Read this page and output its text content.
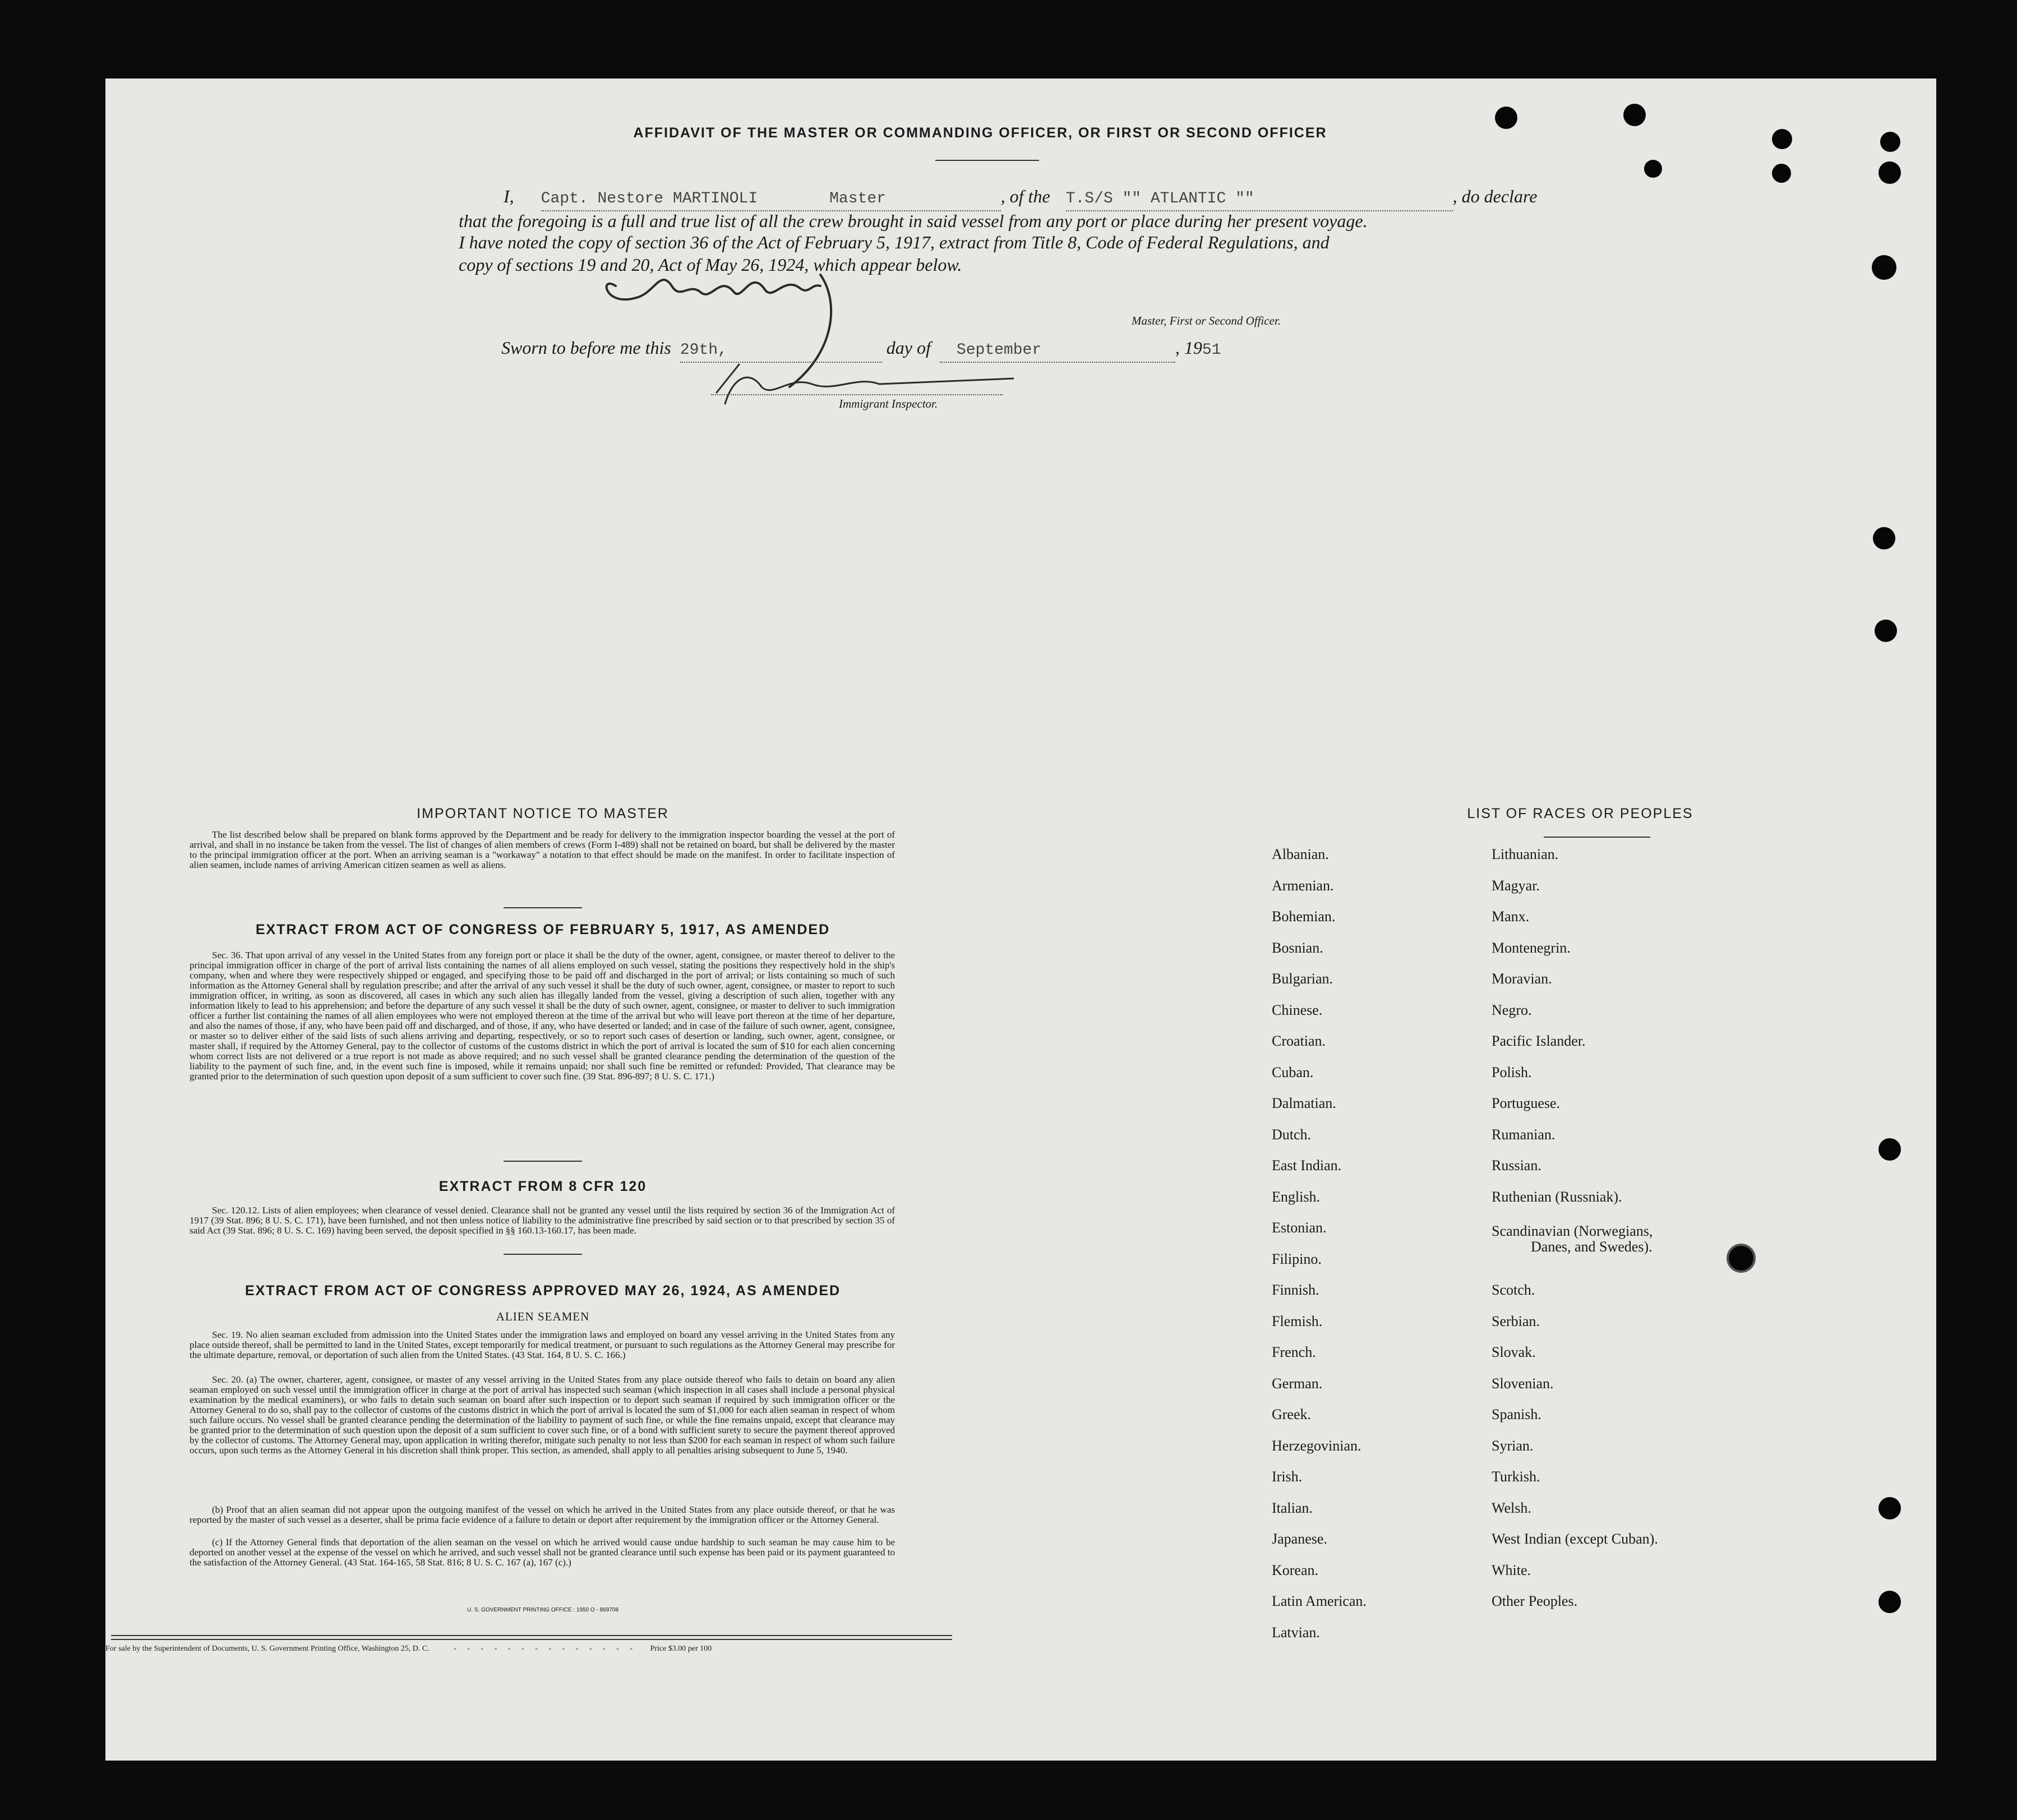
AFFIDAVIT OF THE MASTER OR COMMANDING OFFICER, OR FIRST OR SECOND OFFICER
I, Capt. Nestore MARTINOLI	Master	, of the T.S/S "" ATLANTIC ""	, do declare
that the foregoing is a full and true list of all the crew brought in said vessel from any port or place during her present voyage.
I have noted the copy of section 36 of the Act of February 5, 1917, extract from Title 8, Code of Federal Regulations, and
copy of sections 19 and 20, Act of May 26, 1924, which appear below.
Master, First or Second Officer.
Sworn to before me this 29th,	day of September	, 1951
Immigrant Inspector.
IMPORTANT NOTICE TO MASTER
The list described below shall be prepared on blank forms approved by the Department and be ready for delivery to the immigration inspector boarding the vessel at the port of arrival, and shall in no instance be taken from the vessel. The list of changes of alien members of crews (Form I-489) shall not be retained on board, but shall be delivered by the master to the principal immigration officer at the port. When an arriving seaman is a "workaway" a notation to that effect should be made on the manifest. In order to facilitate inspection of alien seamen, include names of arriving American citizen seamen as well as aliens.
EXTRACT FROM ACT OF CONGRESS OF FEBRUARY 5, 1917, AS AMENDED
Sec. 36. That upon arrival of any vessel in the United States from any foreign port or place it shall be the duty of the owner, agent, consignee, or master thereof to deliver to the principal immigration officer in charge of the port of arrival lists containing the names of all aliens employed on such vessel, stating the positions they respectively hold in the ship's company, when and where they were respectively shipped or engaged, and specifying those to be paid off and discharged in the port of arrival; or lists containing so much of such information as the Attorney General shall by regulation prescribe; and after the arrival of any such vessel it shall be the duty of such owner, agent, consignee, or master to report to such immigration officer, in writing, as soon as discovered, all cases in which any such alien has illegally landed from the vessel, giving a description of such alien, together with any information likely to lead to his apprehension; and before the departure of any such vessel it shall be the duty of such owner, agent, consignee, or master to deliver to such immigration officer a further list containing the names of all alien employees who were not employed thereon at the time of the arrival but who will leave port thereon at the time of her departure, and also the names of those, if any, who have been paid off and discharged, and of those, if any, who have deserted or landed; and in case of the failure of such owner, agent, consignee, or master so to deliver either of the said lists of such aliens arriving and departing, respectively, or so to report such cases of desertion or landing, such owner, agent, consignee, or master shall, if required by the Attorney General, pay to the collector of customs of the customs district in which the port of arrival is located the sum of $10 for each alien concerning whom correct lists are not delivered or a true report is not made as above required; and no such vessel shall be granted clearance pending the determination of the question of the liability to the payment of such fine, and, in the event such fine is imposed, while it remains unpaid; nor shall such fine be remitted or refunded: Provided, That clearance may be granted prior to the determination of such question upon deposit of a sum sufficient to cover such fine. (39 Stat. 896-897; 8 U. S. C. 171.)
EXTRACT FROM 8 CFR 120
Sec. 120.12. Lists of alien employees; when clearance of vessel denied. Clearance shall not be granted any vessel until the lists required by section 36 of the Immigration Act of 1917 (39 Stat. 896; 8 U. S. C. 171), have been furnished, and not then unless notice of liability to the administrative fine prescribed by said section or to that prescribed by section 35 of said Act (39 Stat. 896; 8 U. S. C. 169) having been served, the deposit specified in §§ 160.13-160.17, has been made.
EXTRACT FROM ACT OF CONGRESS APPROVED MAY 26, 1924, AS AMENDED
ALIEN SEAMEN
Sec. 19. No alien seaman excluded from admission into the United States under the immigration laws and employed on board any vessel arriving in the United States from any place outside thereof, shall be permitted to land in the United States, except temporarily for medical treatment, or pursuant to such regulations as the Attorney General may prescribe for the ultimate departure, removal, or deportation of such alien from the United States. (43 Stat. 164, 8 U. S. C. 166.)
Sec. 20. (a) The owner, charterer, agent, consignee, or master of any vessel arriving in the United States from any place outside thereof who fails to detain on board any alien seaman employed on such vessel until the immigration officer in charge at the port of arrival has inspected such seaman (which inspection in all cases shall include a personal physical examination by the medical examiners), or who fails to detain such seaman on board after such inspection or to deport such seaman if required by such immigration officer or the Attorney General to do so, shall pay to the collector of customs of the customs district in which the port of arrival is located the sum of $1,000 for each alien seaman in respect of whom such failure occurs. No vessel shall be granted clearance pending the determination of the liability to payment of such fine, or while the fine remains unpaid, except that clearance may be granted prior to the determination of such question upon the deposit of a sum sufficient to cover such fine, or of a bond with sufficient surety to secure the payment thereof approved by the collector of customs. The Attorney General may, upon application in writing therefor, mitigate such penalty to not less than $200 for each seaman in respect of whom such failure occurs, upon such terms as the Attorney General in his discretion shall think proper. This section, as amended, shall apply to all penalties arising subsequent to June 5, 1940.
(b) Proof that an alien seaman did not appear upon the outgoing manifest of the vessel on which he arrived in the United States from any place outside thereof, or that he was reported by the master of such vessel as a deserter, shall be prima facie evidence of a failure to detain or deport after requirement by the immigration officer or the Attorney General.
(c) If the Attorney General finds that deportation of the alien seaman on the vessel on which he arrived would cause undue hardship to such seaman he may cause him to be deported on another vessel at the expense of the vessel on which he arrived, and such vessel shall not be granted clearance until such expense has been paid or its payment guaranteed to the satisfaction of the Attorney General. (43 Stat. 164-165, 58 Stat. 816; 8 U. S. C. 167 (a), 167 (c).)
U. S. GOVERNMENT PRINTING OFFICE : 1950 O - 869708
For sale by the Superintendent of Documents, U. S. Government Printing Office, Washington 25, D. C.	- - - - - - - - - - - - - - Price $3.00 per 100
LIST OF RACES OR PEOPLES
Albanian.
Armenian.
Bohemian.
Bosnian.
Bulgarian.
Chinese.
Croatian.
Cuban.
Dalmatian.
Dutch.
East Indian.
English.
Estonian.
Filipino.
Finnish.
Flemish.
French.
German.
Greek.
Herzegovinian.
Irish.
Italian.
Japanese.
Korean.
Latin American.
Latvian.
Lithuanian.
Magyar.
Manx.
Montenegrin.
Moravian.
Negro.
Pacific Islander.
Polish.
Portuguese.
Rumanian.
Russian.
Ruthenian (Russniak).
Scandinavian (Norwegians,
Danes, and Swedes).
Scotch.
Serbian.
Slovak.
Slovenian.
Spanish.
Syrian.
Turkish.
Welsh.
West Indian (except Cuban).
White.
Other Peoples.
